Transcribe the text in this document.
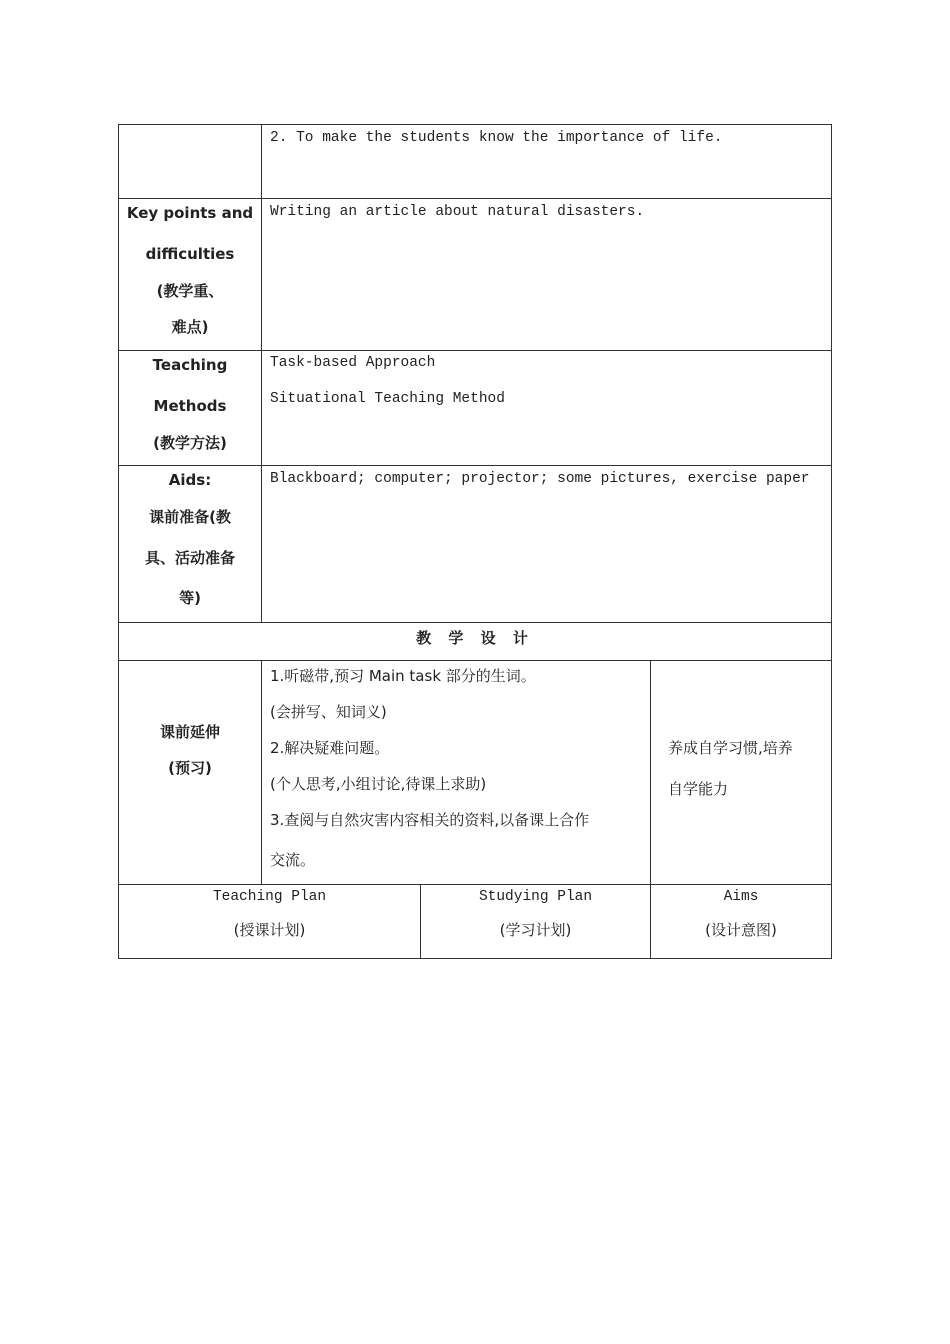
2. To make the students know the importance of life.
Key points and
difficulties
(教学重、
难点)
Writing an article about natural disasters.
Teaching
Methods
(教学方法)
Task-based Approach
Situational Teaching Method
Aids:
课前准备(教
具、活动准备
等)
Blackboard; computer; projector; some pictures, exercise paper
教 学 设 计
课前延伸
(预习)
1.听磁带,预习 Main task 部分的生词。
(会拼写、知词义)
2.解决疑难问题。
(个人思考,小组讨论,待课上求助)
3.查阅与自然灾害内容相关的资料,以备课上合作
交流。
养成自学习惯,培养
自学能力
Teaching Plan
(授课计划)
Studying Plan
(学习计划)
Aims
(设计意图)
